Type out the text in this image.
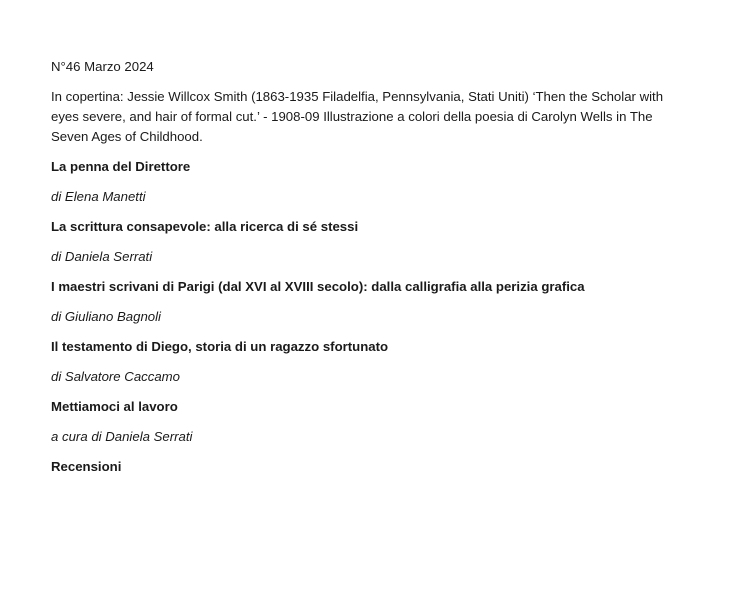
N°46 Marzo 2024

In copertina: Jessie Willcox Smith (1863-1935 Filadelfia, Pennsylvania, Stati Uniti) ‘Then the Scholar with eyes severe, and hair of formal cut.’ - 1908-09 Illustrazione a colori della poesia di Carolyn Wells in The Seven Ages of Childhood.

La penna del Direttore

di Elena Manetti

La scrittura consapevole: alla ricerca di sé stessi

di Daniela Serrati

I maestri scrivani di Parigi (dal XVI al XVIII secolo): dalla calligrafia alla perizia grafica

di Giuliano Bagnoli

Il testamento di Diego, storia di un ragazzo sfortunato

di Salvatore Caccamo

Mettiamoci al lavoro

a cura di Daniela Serrati

Recensioni
